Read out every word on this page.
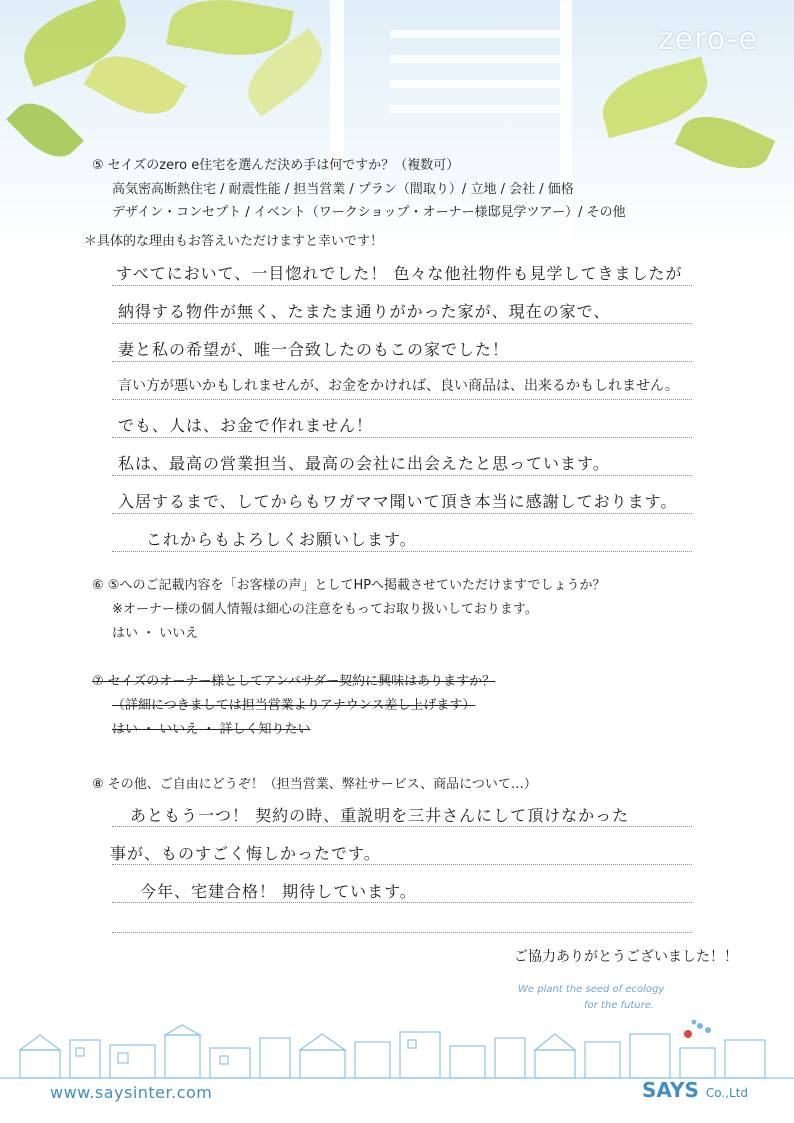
zero-e
⑤ セイズのzero e住宅を選んだ決め手は何ですか？（複数可）
高気密高断熱住宅 / 耐震性能 / 担当営業 / プラン（間取り）/ 立地 / 会社 / 価格
デザイン・コンセプト / イベント（ワークショップ・オーナー様邸見学ツアー）/ その他
＊具体的な理由もお答えいただけますと幸いです！
すべてにおいて、一目惚れでした！ 色々な他社物件も見学してきましたが
納得する物件が無く、たまたま通りがかった家が、現在の家で、
妻と私の希望が、唯一合致したのもこの家でした！
言い方が悪いかもしれませんが、お金をかければ、良い商品は、出来るかもしれません。
でも、人は、お金で作れません！
私は、最高の営業担当、最高の会社に出会えたと思っています。
入居するまで、してからもワガママ聞いて頂き本当に感謝しております。
これからもよろしくお願いします。
⑥ ⑤へのご記載内容を「お客様の声」としてHPへ掲載させていただけますでしょうか？
※オーナー様の個人情報は細心の注意をもってお取り扱いしております。
はい ・ いいえ
⑦ セイズのオーナー様としてアンバサダー契約に興味はありますか？
（詳細につきましては担当営業よりアナウンス差し上げます）
はい ・ いいえ ・ 詳しく知りたい
⑧ その他、ご自由にどうぞ！（担当営業、弊社サービス、商品について…）
あともう一つ！ 契約の時、重説明を三井さんにして頂けなかった
事が、ものすごく悔しかったです。
今年、宅建合格！ 期待しています。
ご協力ありがとうございました！！
We plant the seed of ecology
for the future.
www.saysinter.com	SAYS Co.,Ltd
